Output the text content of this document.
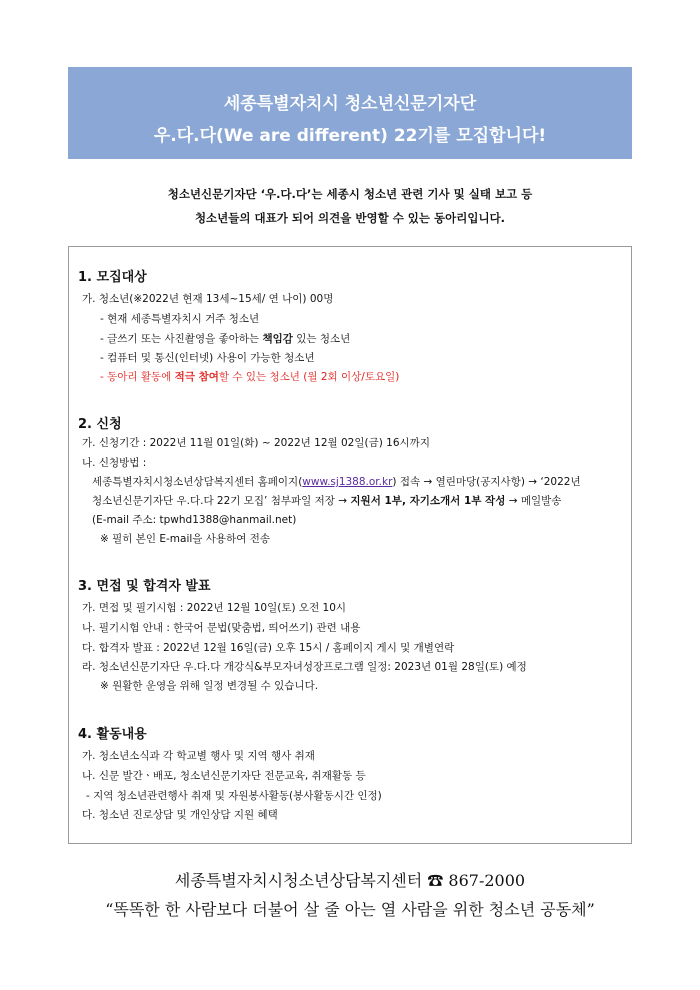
세종특별자치시 청소년신문기자단
우.다.다(We are different) 22기를 모집합니다!
청소년신문기자단 ‘우.다.다’는 세종시 청소년 관련 기사 및 실태 보고 등
청소년들의 대표가 되어 의견을 반영할 수 있는 동아리입니다.
1. 모집대상
가. 청소년(※2022년 현재 13세~15세/ 연 나이) 00명
- 현재 세종특별자치시 거주 청소년
- 글쓰기 또는 사진촬영을 좋아하는 책임감 있는 청소년
- 컴퓨터 및 통신(인터넷) 사용이 가능한 청소년
- 동아리 활동에 적극 참여할 수 있는 청소년 (월 2회 이상/토요일)
2. 신청
가. 신청기간 : 2022년 11월 01일(화) ~ 2022년 12월 02일(금) 16시까지
나. 신청방법 :
세종특별자치시청소년상담복지센터 홈페이지(www.sj1388.or.kr) 접속 → 열린마당(공지사항) → ‘2022년
청소년신문기자단 우.다.다 22기 모집’ 첨부파일 저장 → 지원서 1부, 자기소개서 1부 작성 → 메일발송
(E-mail 주소: tpwhd1388@hanmail.net)
※ 필히 본인 E-mail을 사용하여 전송
3. 면접 및 합격자 발표
가. 면접 및 필기시험 : 2022년 12월 10일(토) 오전 10시
나. 필기시험 안내 : 한국어 문법(맞춤법, 띄어쓰기) 관련 내용
다. 합격자 발표 : 2022년 12월 16일(금) 오후 15시 / 홈페이지 게시 및 개별연락
라. 청소년신문기자단 우.다.다 개강식&부모자녀성장프로그램 일정: 2023년 01월 28일(토) 예정
※ 원활한 운영을 위해 일정 변경될 수 있습니다.
4. 활동내용
가. 청소년소식과 각 학교별 행사 및 지역 행사 취재
나. 신문 발간ㆍ배포, 청소년신문기자단 전문교육, 취재활동 등
- 지역 청소년관련행사 취재 및 자원봉사활동(봉사활동시간 인정)
다. 청소년 진로상담 및 개인상담 지원 혜택
세종특별자치시청소년상담복지센터 ☎ 867-2000
“똑똑한 한 사람보다 더불어 살 줄 아는 열 사람을 위한 청소년 공동체”
